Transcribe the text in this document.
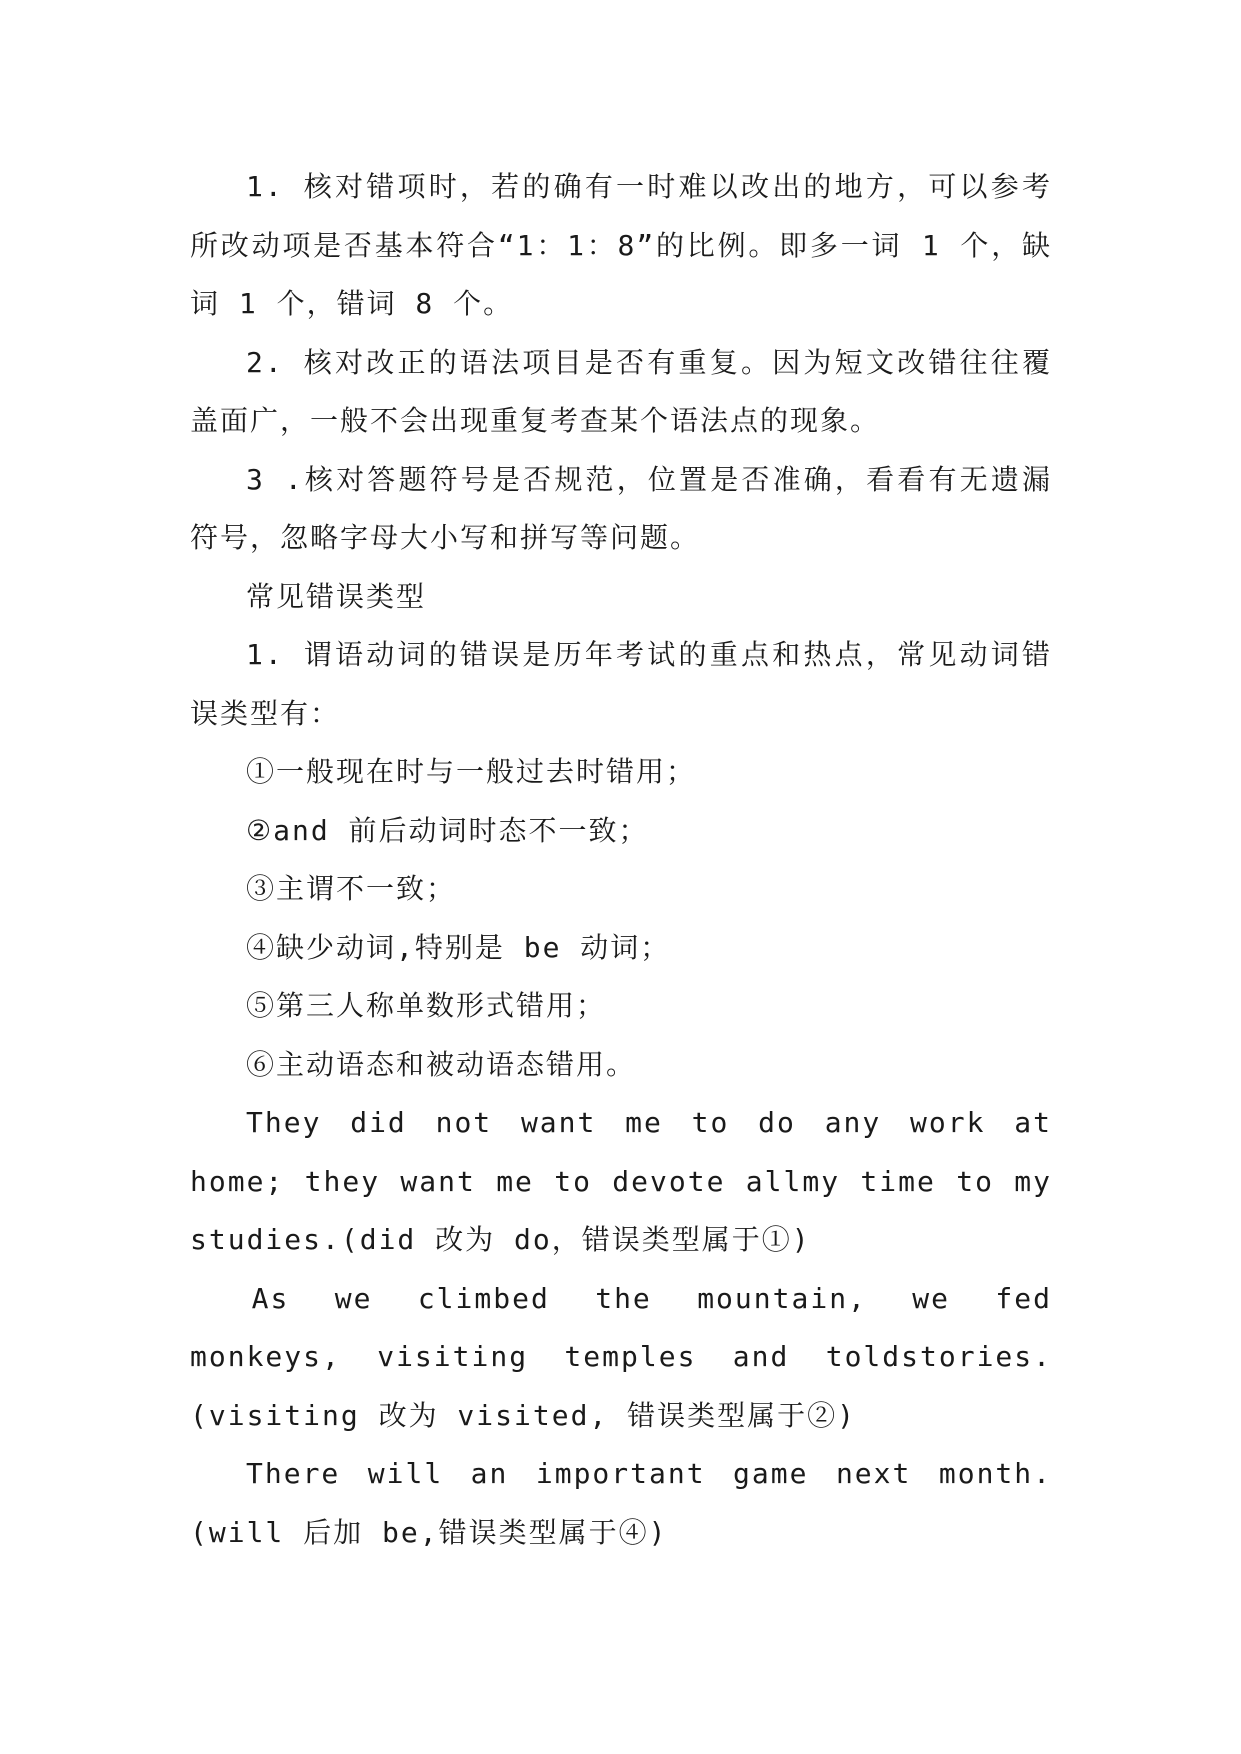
1. 核对错项时，若的确有一时难以改出的地方，可以参考所改动项是否基本符合“1：1：8”的比例。即多一词 1 个，缺词 1 个，错词 8 个。

2. 核对改正的语法项目是否有重复。因为短文改错往往覆盖面广，一般不会出现重复考查某个语法点的现象。

3 .核对答题符号是否规范，位置是否准确，看看有无遗漏符号，忽略字母大小写和拼写等问题。

常见错误类型

1. 谓语动词的错误是历年考试的重点和热点，常见动词错误类型有：

①一般现在时与一般过去时错用；

②and 前后动词时态不一致；

③主谓不一致；

④缺少动词,特别是 be 动词；

⑤第三人称单数形式错用；

⑥主动语态和被动语态错用。

They did not want me to do any work at home; they want me to devote allmy time to my studies.(did 改为 do，错误类型属于①)

As we climbed the mountain, we fed monkeys, visiting temples and toldstories. (visiting 改为 visited, 错误类型属于②)

There will an important game next month. (will 后加 be,错误类型属于④)
